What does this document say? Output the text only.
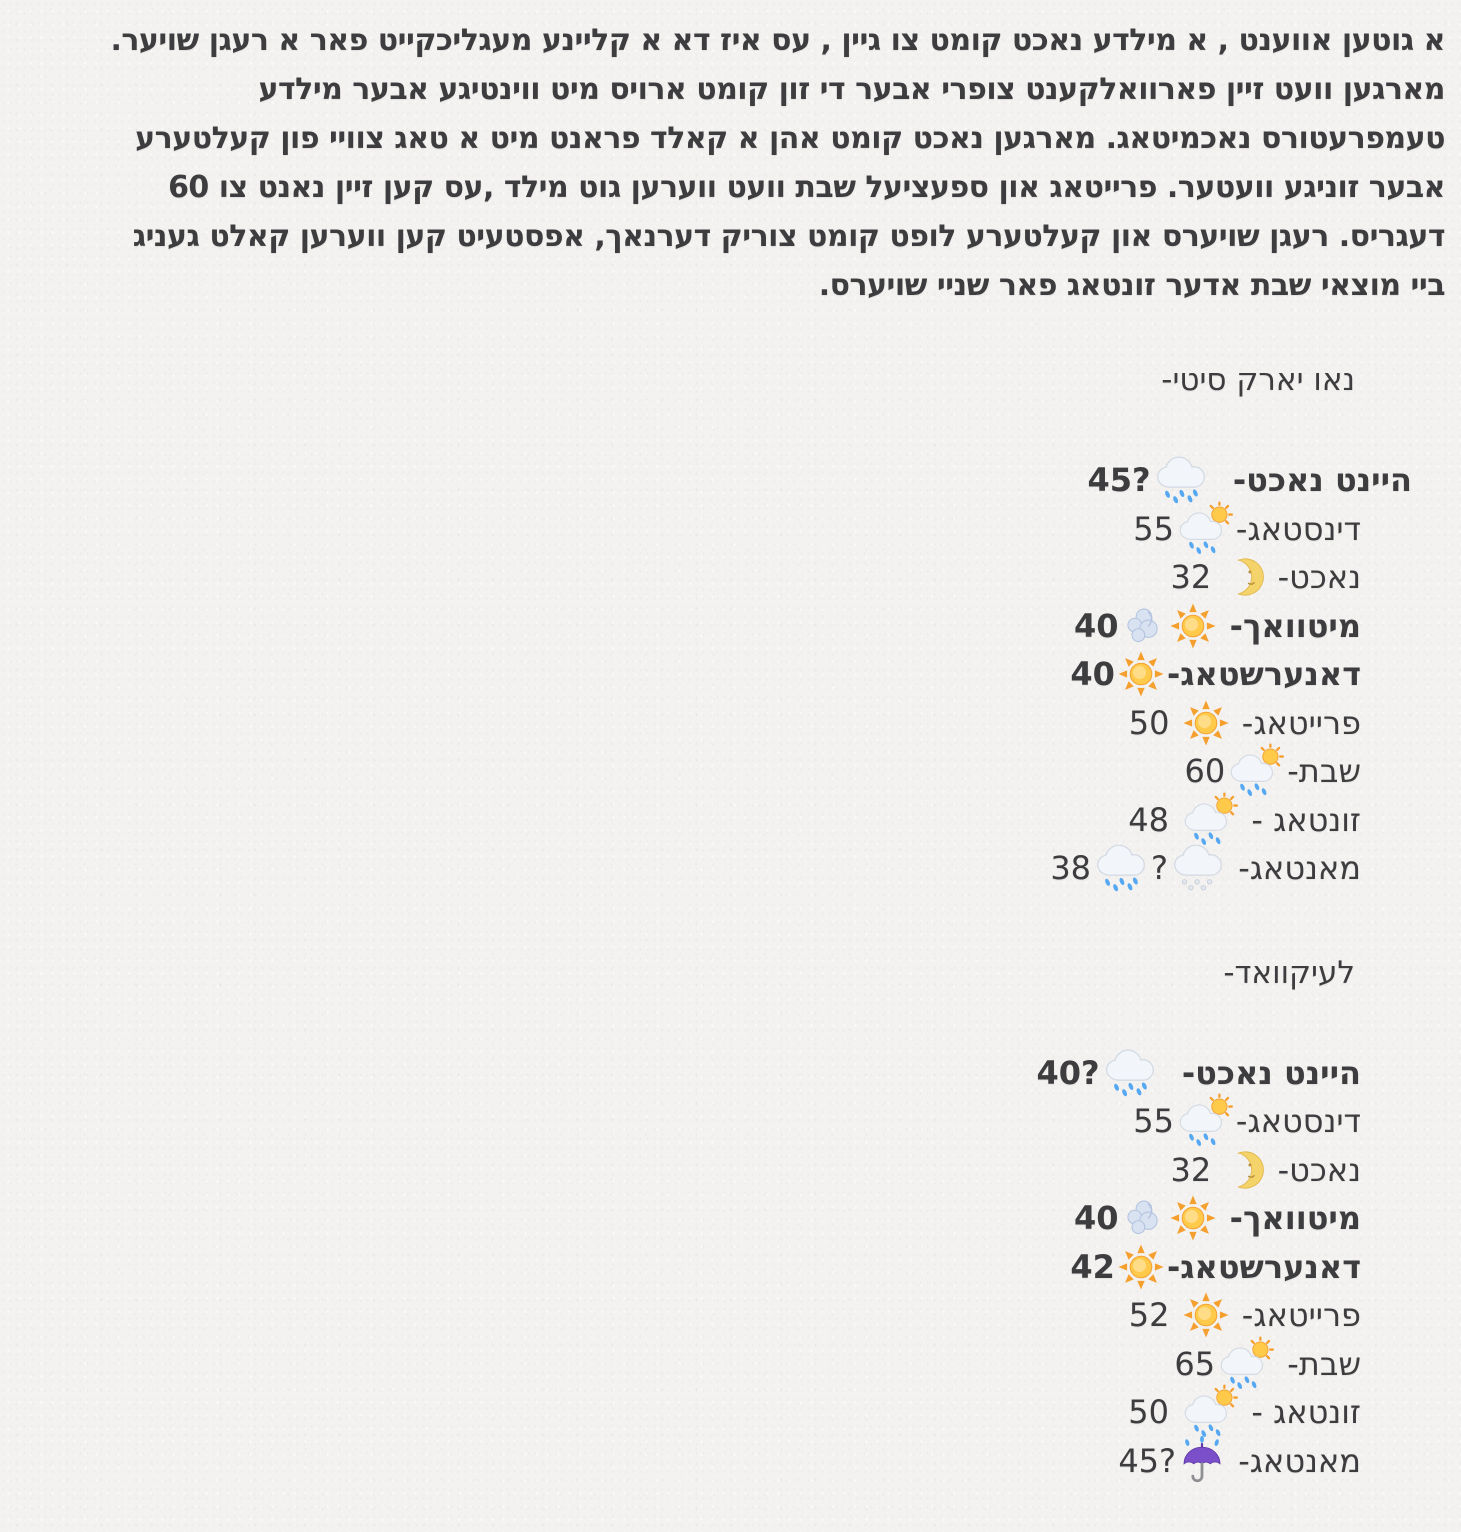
א גוטען אווענט , א מילדע נאכט קומט צו גיין , עס איז דא א קליינע מעגליכקייט פאר א רעגן שויער.
מארגען וועט זיין פארוואלקענט צופרי אבער די זון קומט ארויס מיט ווינטיגע אבער מילדע
טעמפרעטורס נאכמיטאג. מארגען נאכט קומט אהן א קאלד פראנט מיט א טאג צוויי פון קעלטערע
אבער זוניגע וועטער. פרייטאג און ספעציעל שבת וועט ווערען גוט מילד ,עס קען זיין נאנט צו 60
דעגריס. רעגן שויערס און קעלטערע לופט קומט צוריק דערנאך, אפסטעיט קען ווערען קאלט געניג
ביי מוצאי שבת אדער זונטאג פאר שניי שויערס.
נאו יארק סיטי-
היינט נאכט-
45?
דינסטאג-
55
נאכט-
32
מיטוואך-
40
דאנערשטאג-
40
פרייטאג-
50
שבת-
60
זונטאג -
48
מאנטאג-
?
38
לעיקוואד-
היינט נאכט-
40?
דינסטאג-
55
נאכט-
32
מיטוואך-
40
דאנערשטאג-
42
פרייטאג-
52
שבת-
65
זונטאג -
50
מאנטאג-
45?
